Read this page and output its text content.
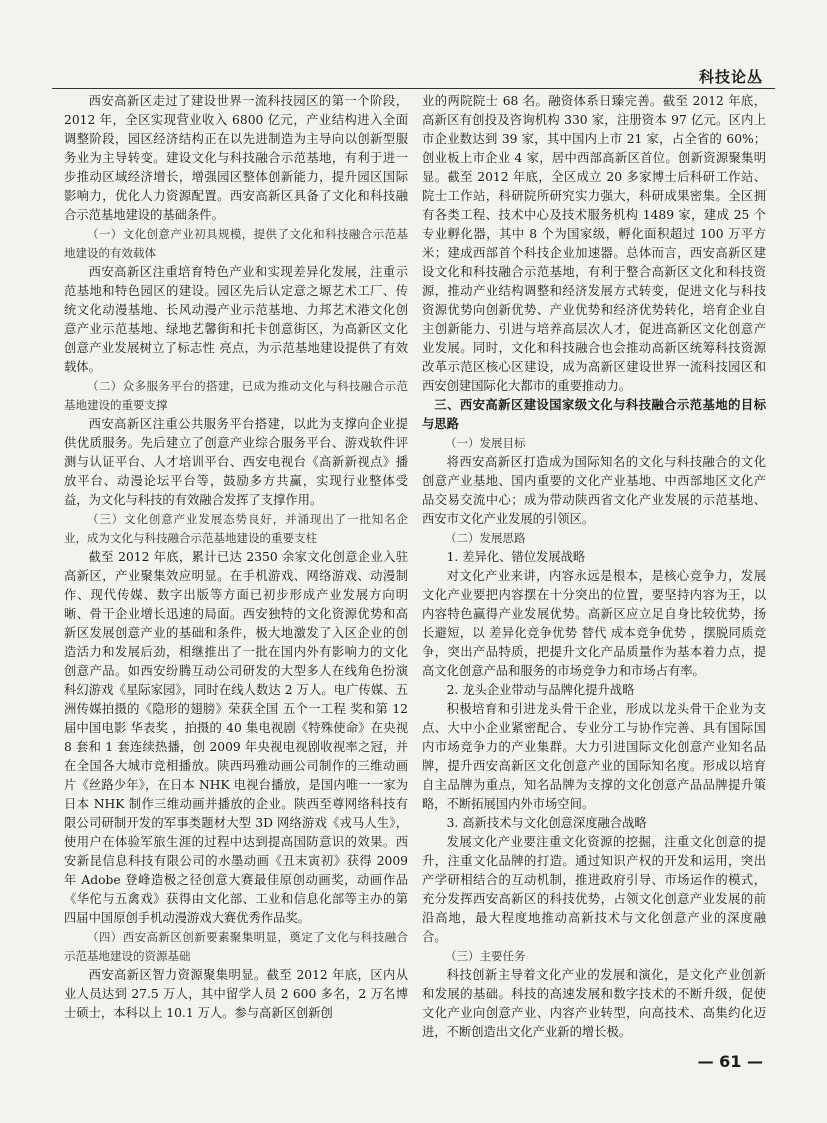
科技论丛

西安高新区走过了建设世界一流科技园区的第一个阶段，2012 年，全区实现营业收入 6800 亿元，产业结构进入全面调整阶段，园区经济结构正在以先进制造为主导向以创新型服务业为主导转变。建设文化与科技融合示范基地，有利于进一步推动区域经济增长，增强园区整体创新能力，提升园区国际影响力，优化人力资源配置。西安高新区具备了文化和科技融合示范基地建设的基础条件。

（一）文化创意产业初具规模，提供了文化和科技融合示范基地建设的有效载体

西安高新区注重培育特色产业和实现差异化发展，注重示范基地和特色园区的建设。园区先后认定意之塬艺术工厂、传统文化动漫基地、长风动漫产业示范基地、力邦艺术港文化创意产业示范基地、绿地艺馨街和托卡创意街区，为高新区文化创意产业发展树立了标志性 亮点，为示范基地建设提供了有效载体。

（二）众多服务平台的搭建，已成为推动文化与科技融合示范基地建设的重要支撑

西安高新区注重公共服务平台搭建，以此为支撑向企业提供优质服务。先后建立了创意产业综合服务平台、游戏软件评测与认证平台、人才培训平台、西安电视台《高新新视点》播放平台、动漫论坛平台等，鼓励多方共赢，实现行业整体受益，为文化与科技的有效融合发挥了支撑作用。

（三）文化创意产业发展态势良好，并涌现出了一批知名企业，成为文化与科技融合示范基地建设的重要支柱

截至 2012 年底，累计已达 2350 余家文化创意企业入驻高新区，产业聚集效应明显。在手机游戏、网络游戏、动漫制作、现代传媒、数字出版等方面已初步形成产业发展方向明晰、骨干企业增长迅速的局面。西安独特的文化资源优势和高新区发展创意产业的基础和条件，极大地激发了入区企业的创造活力和发展后劲，相继推出了一批在国内外有影响力的文化创意产品。如西安纷腾互动公司研发的大型多人在线角色扮演科幻游戏《星际家园》，同时在线人数达 2 万人。电广传媒、五洲传媒拍摄的《隐形的翅膀》荣获全国 五个一工程 奖和第 12 届中国电影 华表奖 ，拍摄的 40 集电视剧《特殊使命》在央视 8 套和 1 套连续热播，创 2009 年央视电视剧收视率之冠，并在全国各大城市竞相播放。陕西玛雅动画公司制作的三维动画片《丝路少年》，在日本 NHK 电视台播放，是国内唯一一家为日本 NHK 制作三维动画并播放的企业。陕西至尊网络科技有限公司研制开发的军事类题材大型 3D 网络游戏《戎马人生》，使用户在体验军旅生涯的过程中达到提高国防意识的效果。西安新昆信息科技有限公司的水墨动画《丑末寅初》获得 2009 年 Adobe 登峰造极之径创意大赛最佳原创动画奖，动画作品《华佗与五禽戏》获得由文化部、工业和信息化部等主办的第四届中国原创手机动漫游戏大赛优秀作品奖。

（四）西安高新区创新要素聚集明显，奠定了文化与科技融合示范基地建设的资源基础

西安高新区智力资源聚集明显。截至 2012 年底，区内从业人员达到 27.5 万人，其中留学人员 2 600 多名，2 万名博士硕士，本科以上 10.1 万人。参与高新区创新创

业的两院院士 68 名。融资体系日臻完善。截至 2012 年底，高新区有创投及咨询机构 330 家，注册资本 97 亿元。区内上市企业数达到 39 家，其中国内上市 21 家，占全省的 60%；创业板上市企业 4 家，居中西部高新区首位。创新资源聚集明显。截至 2012 年底，全区成立 20 多家博士后科研工作站、院士工作站，科研院所研究实力强大，科研成果密集。全区拥有各类工程、技术中心及技术服务机构 1489 家，建成 25 个专业孵化器，其中 8 个为国家级，孵化面积超过 100 万平方米；建成西部首个科技企业加速器。总体而言，西安高新区建设文化和科技融合示范基地，有利于整合高新区文化和科技资源，推动产业结构调整和经济发展方式转变，促进文化与科技资源优势向创新优势、产业优势和经济优势转化，培育企业自主创新能力、引进与培养高层次人才，促进高新区文化创意产业发展。同时，文化和科技融合也会推动高新区统筹科技资源改革示范区核心区建设，成为高新区建设世界一流科技园区和西安创建国际化大都市的重要推动力。

三、西安高新区建设国家级文化与科技融合示范基地的目标与思路

（一）发展目标

将西安高新区打造成为国际知名的文化与科技融合的文化创意产业基地、国内重要的文化产业基地、中西部地区文化产品交易交流中心；成为带动陕西省文化产业发展的示范基地、西安市文化产业发展的引领区。

（二）发展思路

1. 差异化、错位发展战略

对文化产业来讲，内容永远是根本，是核心竞争力，发展文化产业要把内容摆在十分突出的位置，要坚持内容为王，以内容特色赢得产业发展优势。高新区应立足自身比较优势，扬长避短，以 差异化竞争优势 替代 成本竞争优势 ，摆脱同质竞争，突出产品特质，把提升文化产品质量作为基本着力点，提高文化创意产品和服务的市场竞争力和市场占有率。

2. 龙头企业带动与品牌化提升战略

积极培育和引进龙头骨干企业，形成以龙头骨干企业为支点、大中小企业紧密配合、专业分工与协作完善、具有国际国内市场竞争力的产业集群。大力引进国际文化创意产业知名品牌，提升西安高新区文化创意产业的国际知名度。形成以培育自主品牌为重点，知名品牌为支撑的文化创意产品品牌提升策略，不断拓展国内外市场空间。

3. 高新技术与文化创意深度融合战略

发展文化产业要注重文化资源的挖掘，注重文化创意的提升，注重文化品牌的打造。通过知识产权的开发和运用，突出产学研相结合的互动机制，推进政府引导、市场运作的模式，充分发挥西安高新区的科技优势，占领文化创意产业发展的前沿高地，最大程度地推动高新技术与文化创意产业的深度融合。

（三）主要任务

科技创新主导着文化产业的发展和演化，是文化产业创新和发展的基础。科技的高速发展和数字技术的不断升级，促使文化产业向创意产业、内容产业转型，向高技术、高集约化迈进，不断创造出文化产业新的增长极。

— 61 —
